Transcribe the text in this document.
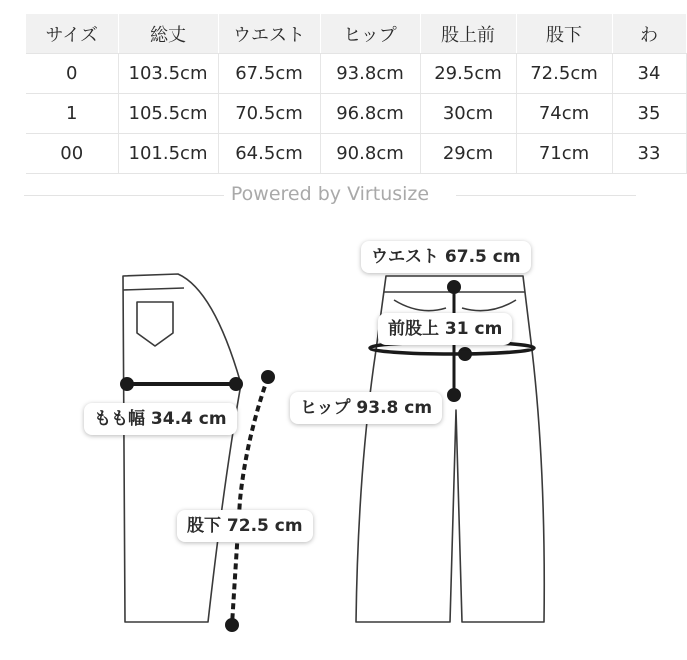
サイズ	総丈	ウエスト	ヒップ	股上前	股下	わ
0	103.5cm	67.5cm	93.8cm	29.5cm	72.5cm	34
1	105.5cm	70.5cm	96.8cm	30cm	74cm	35
00	101.5cm	64.5cm	90.8cm	29cm	71cm	33
Powered by Virtusize
ウエスト 67.5 cm
前股上 31 cm
ヒップ 93.8 cm
もも幅 34.4 cm
股下 72.5 cm
